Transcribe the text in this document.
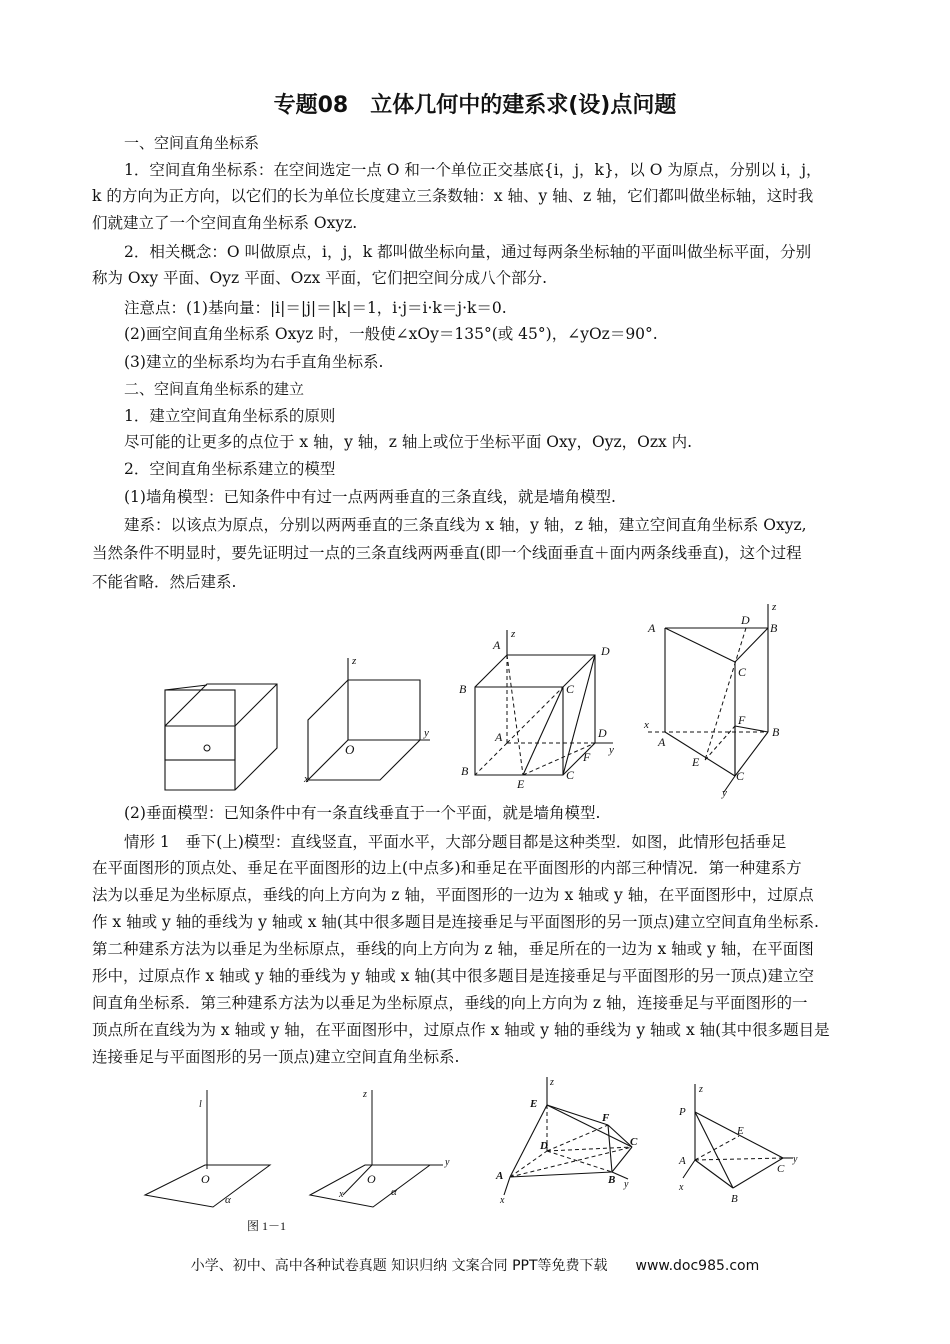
专题08　立体几何中的建系求(设)点问题
一、空间直角坐标系
1．空间直角坐标系：在空间选定一点 O 和一个单位正交基底{i，j，k}，以 O 为原点，分别以 i，j，
k 的方向为正方向，以它们的长为单位长度建立三条数轴：x 轴、y 轴、z 轴，它们都叫做坐标轴，这时我
们就建立了一个空间直角坐标系 Oxyz.
2．相关概念：O 叫做原点，i，j，k 都叫做坐标向量，通过每两条坐标轴的平面叫做坐标平面，分别
称为 Oxy 平面、Oyz 平面、Ozx 平面，它们把空间分成八个部分.
注意点：(1)基向量：|i|＝|j|＝|k|＝1，i·j＝i·k＝j·k＝0.
(2)画空间直角坐标系 Oxyz 时，一般使∠xOy＝135°(或 45°)，∠yOz＝90°.
(3)建立的坐标系均为右手直角坐标系.
二、空间直角坐标系的建立
1．建立空间直角坐标系的原则
尽可能的让更多的点位于 x 轴，y 轴，z 轴上或位于坐标平面 Oxy，Oyz，Ozx 内.
2．空间直角坐标系建立的模型
(1)墙角模型：已知条件中有过一点两两垂直的三条直线，就是墙角模型.
建系：以该点为原点，分别以两两垂直的三条直线为 x 轴，y 轴，z 轴，建立空间直角坐标系 Oxyz,
当然条件不明显时，要先证明过一点的三条直线两两垂直(即一个线面垂直＋面内两条线垂直)，这个过程
不能省略．然后建系.
z
y
x
O
z
A	D
B	C
A	D
y
F
B
E
C
z
A
D
B
C
F
x
A
B
E
C
y
(2)垂面模型：已知条件中有一条直线垂直于一个平面，就是墙角模型.
情形 1　垂下(上)模型：直线竖直，平面水平，大部分题目都是这种类型．如图，此情形包括垂足
在平面图形的顶点处、垂足在平面图形的边上(中点多)和垂足在平面图形的内部三种情况．第一种建系方
法为以垂足为坐标原点，垂线的向上方向为 z 轴，平面图形的一边为 x 轴或 y 轴，在平面图形中，过原点
作 x 轴或 y 轴的垂线为 y 轴或 x 轴(其中很多题目是连接垂足与平面图形的另一顶点)建立空间直角坐标系.
第二种建系方法为以垂足为坐标原点，垂线的向上方向为 z 轴，垂足所在的一边为 x 轴或 y 轴，在平面图
形中，过原点作 x 轴或 y 轴的垂线为 y 轴或 x 轴(其中很多题目是连接垂足与平面图形的另一顶点)建立空
间直角坐标系．第三种建系方法为以垂足为坐标原点，垂线的向上方向为 z 轴，连接垂足与平面图形的一
顶点所在直线为为 x 轴或 y 轴，在平面图形中，过原点作 x 轴或 y 轴的垂线为 y 轴或 x 轴(其中很多题目是
连接垂足与平面图形的另一顶点)建立空间直角坐标系.
l
O
α
图 1－1
z
y
x
O
α
z
E
F
D	C
A	B y
x
z
P
E
A
C
y
B
x
小学、初中、高中各种试卷真题 知识归纳 文案合同 PPT等免费下载　　www.doc985.com
